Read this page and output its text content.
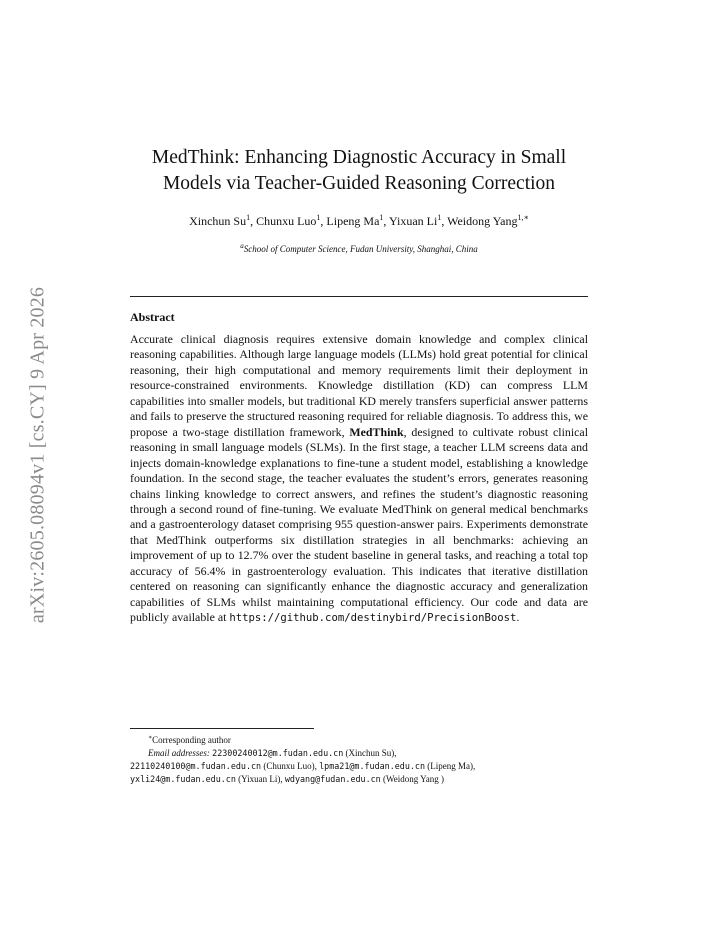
arXiv:2605.08094v1 [cs.CY] 9 Apr 2026
MedThink: Enhancing Diagnostic Accuracy in Small
Models via Teacher-Guided Reasoning Correction
Xinchun Su$^1$, Chunxu Luo$^1$, Lipeng Ma$^1$, Yixuan Li$^1$, Weidong Yang$^{1,∗}$
$^a$School of Computer Science, Fudan University, Shanghai, China
Abstract

Accurate clinical diagnosis requires extensive domain knowledge and complex clinical reasoning capabilities. Although large language models (LLMs) hold great potential for clinical reasoning, their high computational and memory requirements limit their deployment in resource-constrained environments. Knowledge distillation (KD) can compress LLM capabilities into smaller models, but traditional KD merely transfers superficial answer patterns and fails to preserve the structured reasoning required for reliable diagnosis. To address this, we propose a two-stage distillation framework, MedThink, designed to cultivate robust clinical reasoning in small language models (SLMs). In the first stage, a teacher LLM screens data and injects domain-knowledge explanations to fine-tune a student model, establishing a knowledge foundation. In the second stage, the teacher evaluates the student’s errors, generates reasoning chains linking knowledge to correct answers, and refines the student’s diagnostic reasoning through a second round of fine-tuning. We evaluate MedThink on general medical benchmarks and a gastroenterology dataset comprising 955 question-answer pairs. Experiments demonstrate that MedThink outperforms six distillation strategies in all benchmarks: achieving an improvement of up to 12.7% over the student baseline in general tasks, and reaching a total top accuracy of 56.4% in gastroenterology evaluation. This indicates that iterative distillation centered on reasoning can significantly enhance the diagnostic accuracy and generalization capabilities of SLMs whilst maintaining computational efficiency. Our code and data are publicly available at https://github.com/destinybird/PrecisionBoost.

∗Corresponding author
Email addresses: 22300240012@m.fudan.edu.cn (Xinchun Su),
22110240100@m.fudan.edu.cn (Chunxu Luo), lpma21@m.fudan.edu.cn (Lipeng Ma),
yxli24@m.fudan.edu.cn (Yixuan Li), wdyang@fudan.edu.cn (Weidong Yang )
